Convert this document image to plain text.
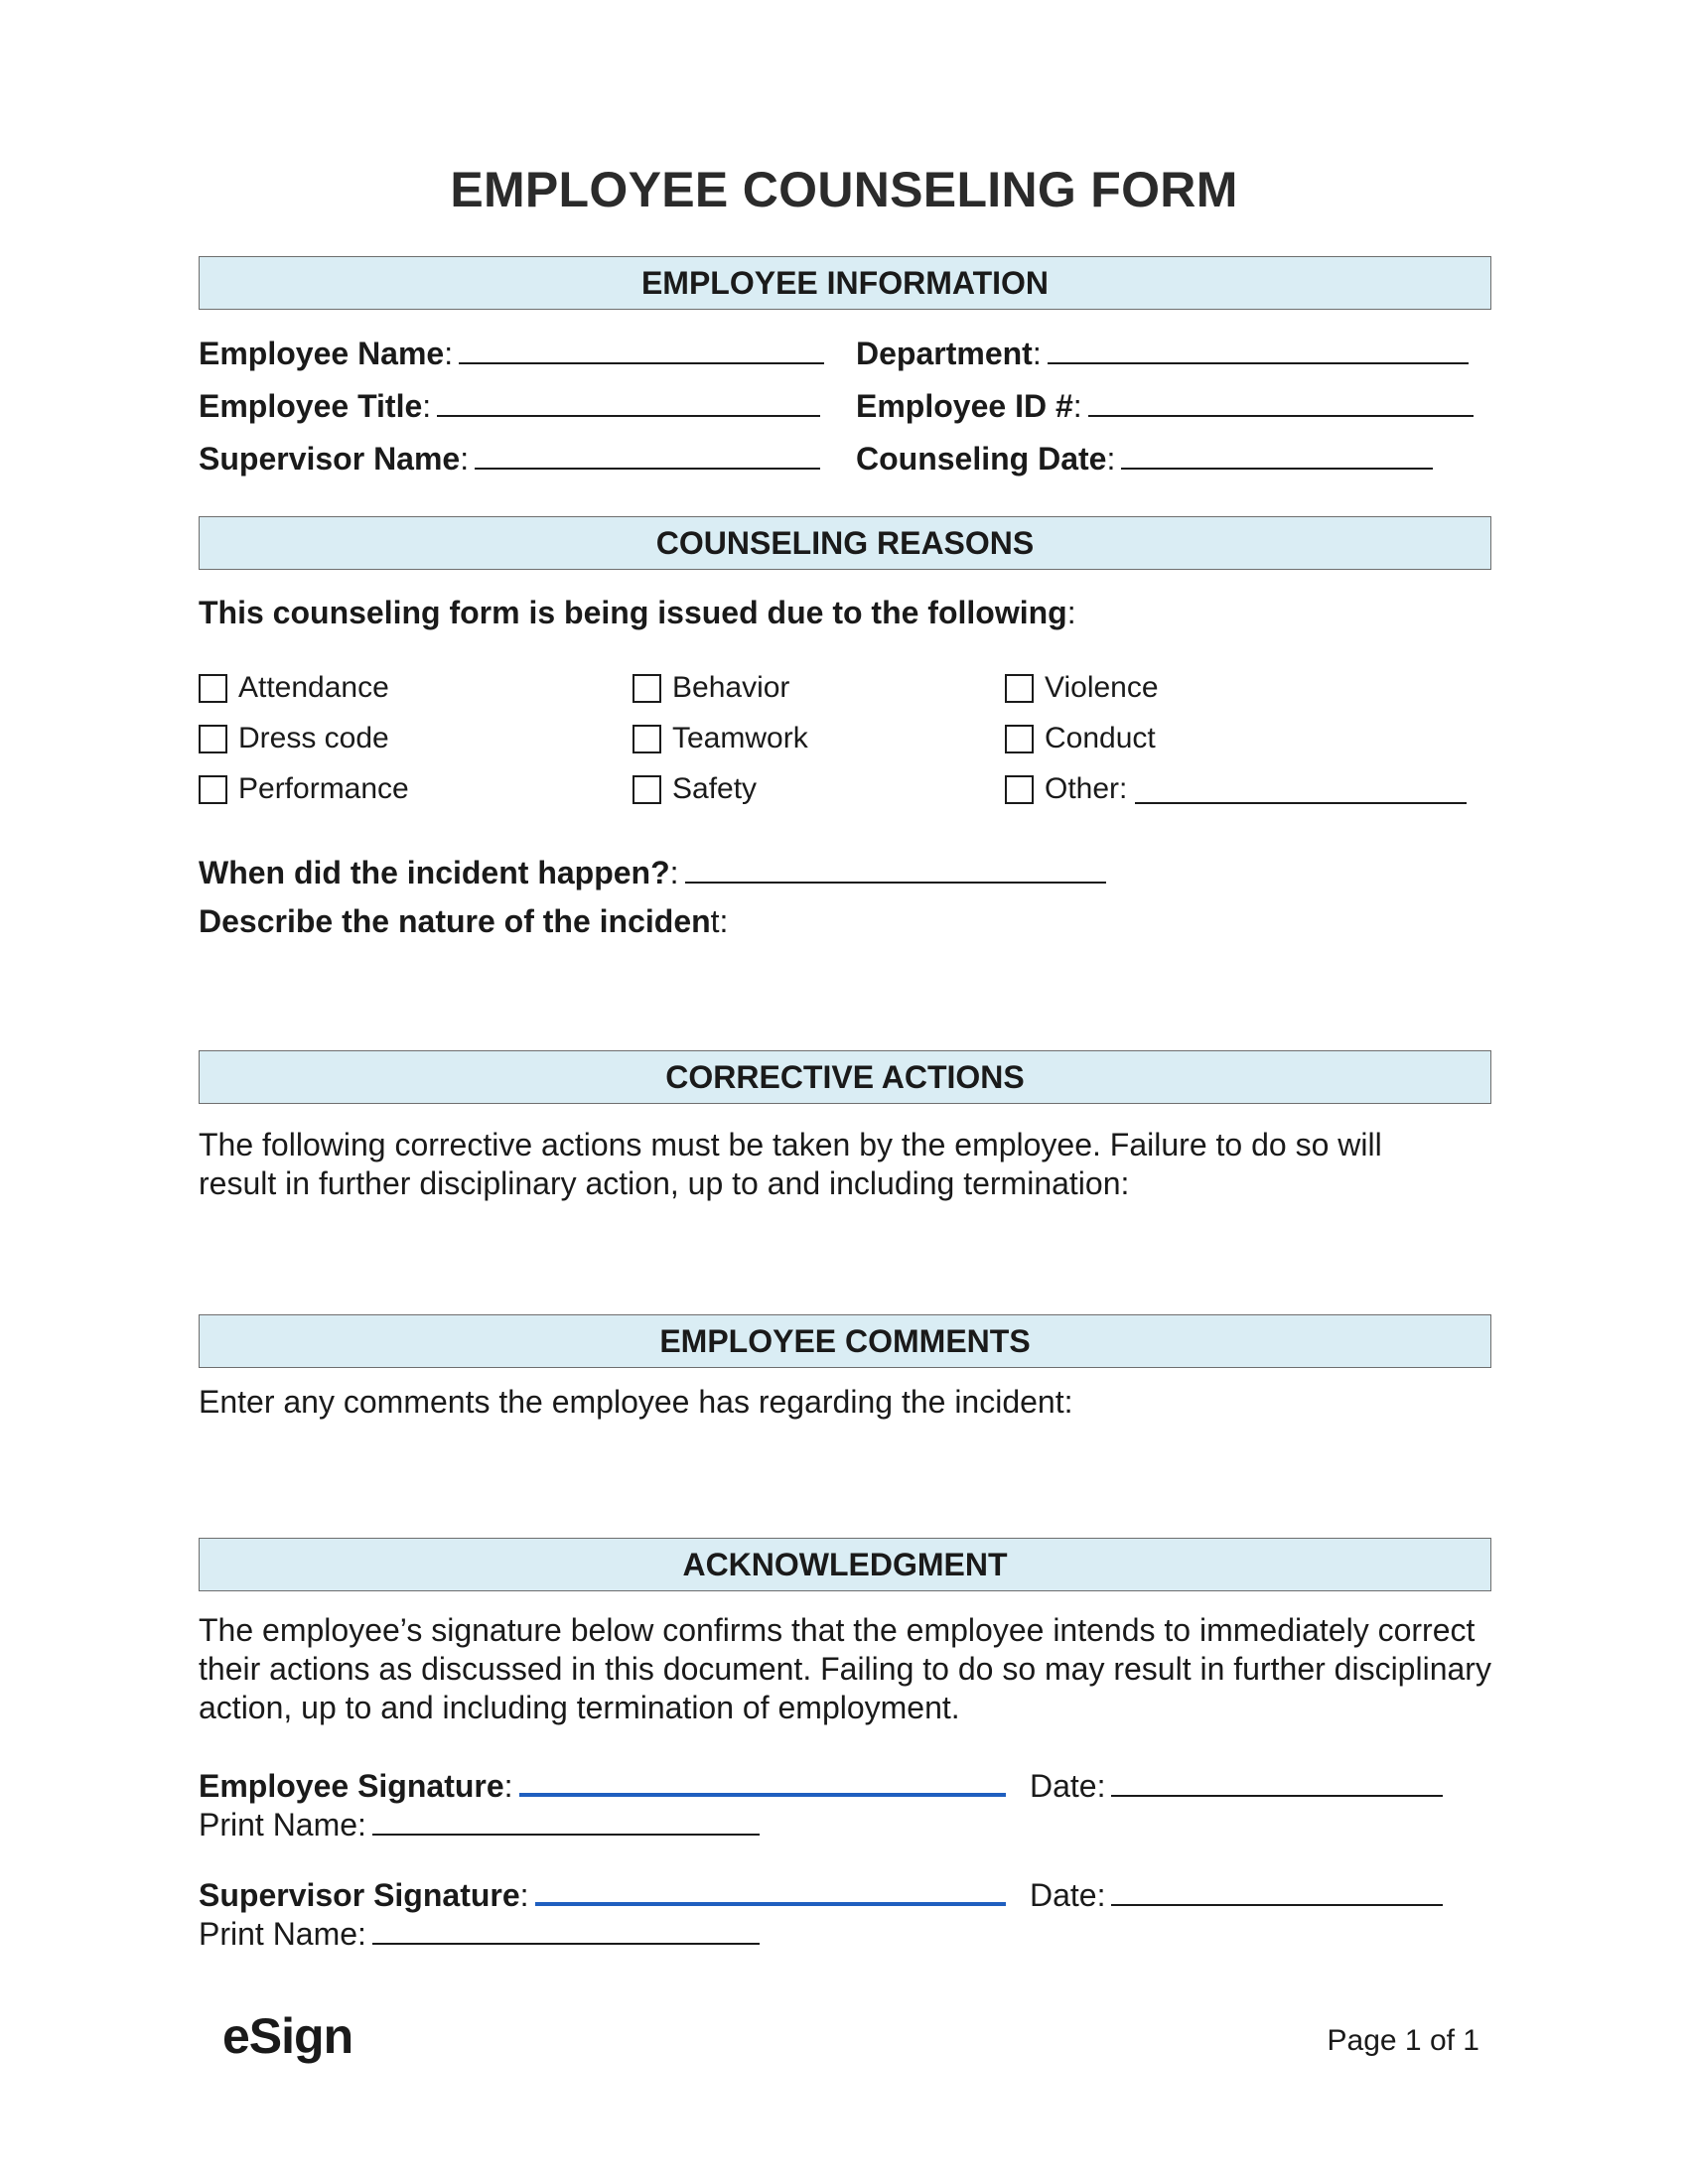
EMPLOYEE COUNSELING FORM
EMPLOYEE INFORMATION
Employee Name:	Department:
Employee Title:	Employee ID #:
Supervisor Name:	Counseling Date:
COUNSELING REASONS
This counseling form is being issued due to the following:
Attendance	Behavior	Violence
Dress code	Teamwork	Conduct
Performance	Safety	Other:
When did the incident happen?:
Describe the nature of the incident:
CORRECTIVE ACTIONS
The following corrective actions must be taken by the employee. Failure to do so will result in further disciplinary action, up to and including termination:
EMPLOYEE COMMENTS
Enter any comments the employee has regarding the incident:
ACKNOWLEDGMENT
The employee’s signature below confirms that the employee intends to immediately correct their actions as discussed in this document. Failing to do so may result in further disciplinary action, up to and including termination of employment.
Employee Signature:	Date:
Print Name:
Supervisor Signature:	Date:
Print Name:
eSign	Page 1 of 1
